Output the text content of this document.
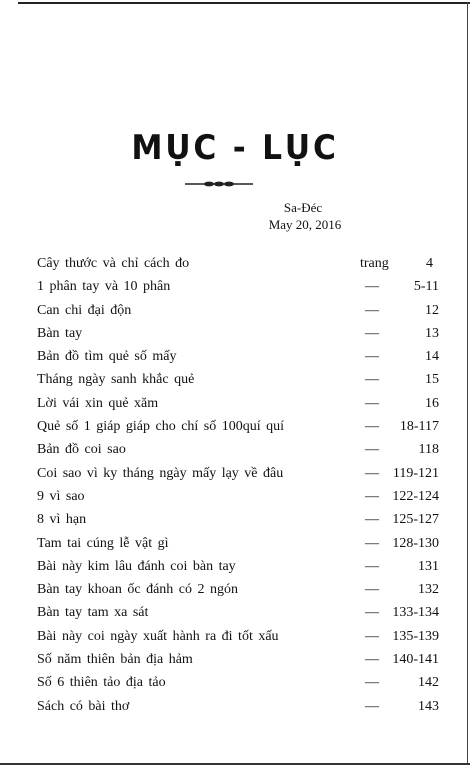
MỤC - LỤC
Sa-Đéc
May 20, 2016
Cây thước và chỉ cách đo	trang	4
1 phân tay và 10 phân	— 5-11
Can chi đại độn	—	12
Bàn tay	—	13
Bản đồ tìm quẻ số mấy	—	14
Tháng ngày sanh khắc quẻ	—	15
Lời vái xin quẻ xăm	—	16
Quẻ số 1 giáp giáp cho chí số 100quí quí	— 18-117
Bản đồ coi sao	—	118
Coi sao vì ky tháng ngày mấy lạy về đâu	— 119-121
9 vì sao	— 122-124
8 vì hạn	— 125-127
Tam tai cúng lễ vật gì	— 128-130
Bài này kim lâu đánh coi bàn tay	—	131
Bàn tay khoan ốc đánh có 2 ngón	—	132
Bàn tay tam xa sát	— 133-134
Bài này coi ngày xuất hành ra đi tốt xấu	— 135-139
Số năm thiên bản địa hảm	— 140-141
Số 6 thiên tảo địa tảo	—	142
Sách có bài thơ	—	143
